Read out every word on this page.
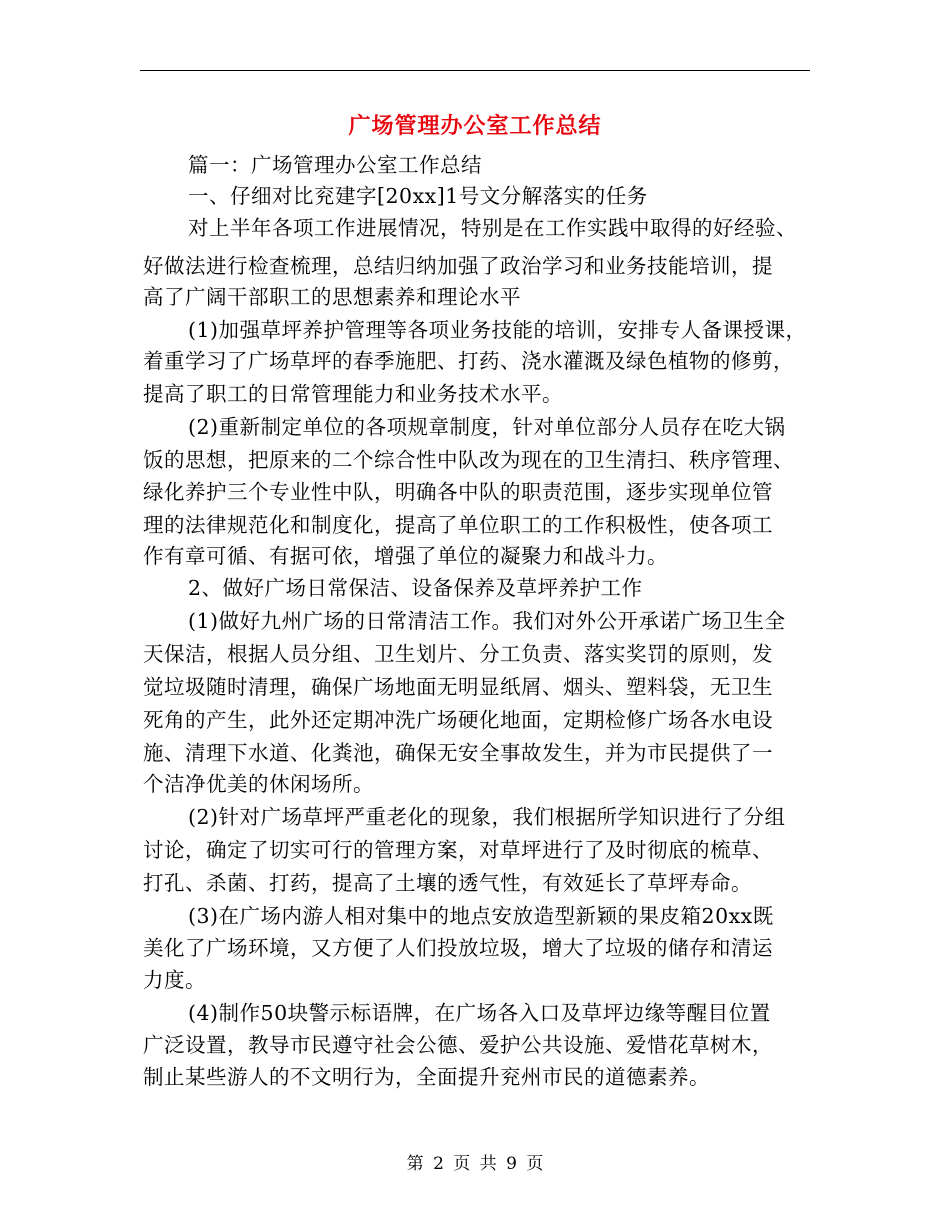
广场管理办公室工作总结
篇一：广场管理办公室工作总结
一、仔细对比兖建字[20xx]1号文分解落实的任务
对上半年各项工作进展情况，特别是在工作实践中取得的好经验、
好做法进行检查梳理，总结归纳加强了政治学习和业务技能培训，提
高了广阔干部职工的思想素养和理论水平
(1)加强草坪养护管理等各项业务技能的培训，安排专人备课授课，
着重学习了广场草坪的春季施肥、打药、浇水灌溉及绿色植物的修剪，
提高了职工的日常管理能力和业务技术水平。
(2)重新制定单位的各项规章制度，针对单位部分人员存在吃大锅
饭的思想，把原来的二个综合性中队改为现在的卫生清扫、秩序管理、
绿化养护三个专业性中队，明确各中队的职责范围，逐步实现单位管
理的法律规范化和制度化，提高了单位职工的工作积极性，使各项工
作有章可循、有据可依，增强了单位的凝聚力和战斗力。
2、做好广场日常保洁、设备保养及草坪养护工作
(1)做好九州广场的日常清洁工作。我们对外公开承诺广场卫生全
天保洁，根据人员分组、卫生划片、分工负责、落实奖罚的原则，发
觉垃圾随时清理，确保广场地面无明显纸屑、烟头、塑料袋，无卫生
死角的产生，此外还定期冲洗广场硬化地面，定期检修广场各水电设
施、清理下水道、化粪池，确保无安全事故发生，并为市民提供了一
个洁净优美的休闲场所。
(2)针对广场草坪严重老化的现象，我们根据所学知识进行了分组
讨论，确定了切实可行的管理方案，对草坪进行了及时彻底的梳草、
打孔、杀菌、打药，提高了土壤的透气性，有效延长了草坪寿命。
(3)在广场内游人相对集中的地点安放造型新颖的果皮箱20xx既
美化了广场环境，又方便了人们投放垃圾，增大了垃圾的储存和清运
力度。
(4)制作50块警示标语牌，在广场各入口及草坪边缘等醒目位置
广泛设置，教导市民遵守社会公德、爱护公共设施、爱惜花草树木，
制止某些游人的不文明行为，全面提升兖州市民的道德素养。
第 2 页 共 9 页
